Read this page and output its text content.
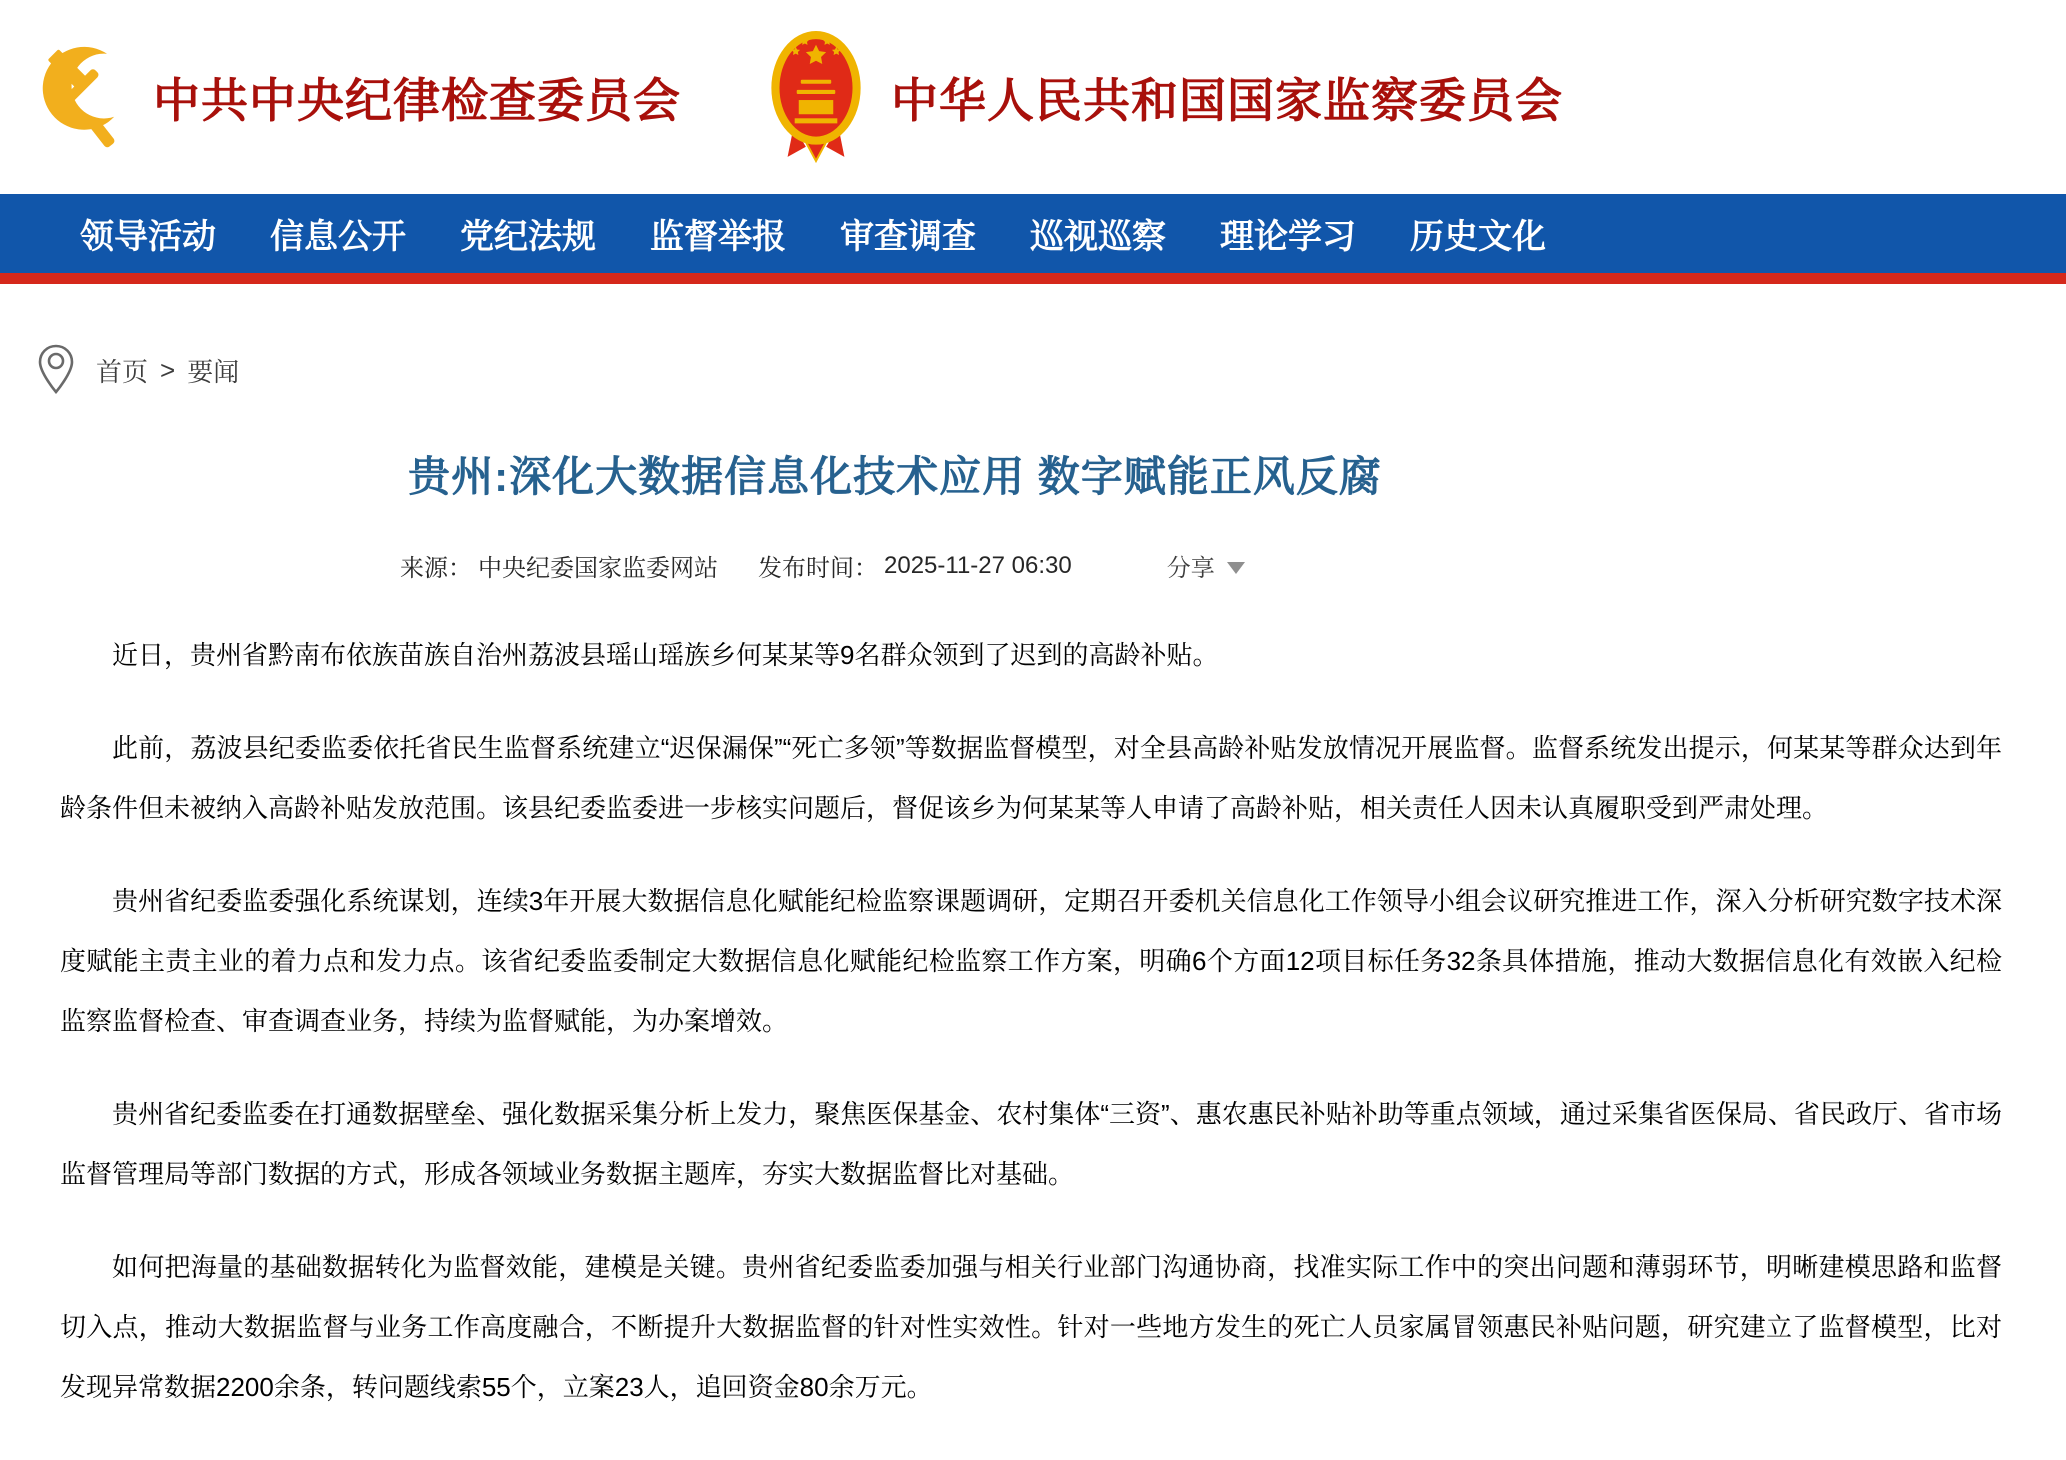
中共中央纪律检查委员会	中华人民共和国国家监察委员会
领导活动 信息公开 党纪法规 监督举报 审查调查 巡视巡察 理论学习 历史文化
首页 > 要闻
贵州:深化大数据信息化技术应用 数字赋能正风反腐
来源： 中央纪委国家监委网站 发布时间： 2025-11-27 06:30	分享

近日，贵州省黔南布依族苗族自治州荔波县瑶山瑶族乡何某某等9名群众领到了迟到的高龄补贴。

此前，荔波县纪委监委依托省民生监督系统建立“迟保漏保”“死亡多领”等数据监督模型，对全县高龄补贴发放情况开展监督。监督系统发出提示，何某某等群众达到年龄条件但未被纳入高龄补贴发放范围。该县纪委监委进一步核实问题后，督促该乡为何某某等人申请了高龄补贴，相关责任人因未认真履职受到严肃处理。

贵州省纪委监委强化系统谋划，连续3年开展大数据信息化赋能纪检监察课题调研，定期召开委机关信息化工作领导小组会议研究推进工作，深入分析研究数字技术深度赋能主责主业的着力点和发力点。该省纪委监委制定大数据信息化赋能纪检监察工作方案，明确6个方面12项目标任务32条具体措施，推动大数据信息化有效嵌入纪检监察监督检查、审查调查业务，持续为监督赋能，为办案增效。

贵州省纪委监委在打通数据壁垒、强化数据采集分析上发力，聚焦医保基金、农村集体“三资”、惠农惠民补贴补助等重点领域，通过采集省医保局、省民政厅、省市场监督管理局等部门数据的方式，形成各领域业务数据主题库，夯实大数据监督比对基础。

如何把海量的基础数据转化为监督效能，建模是关键。贵州省纪委监委加强与相关行业部门沟通协商，找准实际工作中的突出问题和薄弱环节，明晰建模思路和监督切入点，推动大数据监督与业务工作高度融合，不断提升大数据监督的针对性实效性。针对一些地方发生的死亡人员家属冒领惠民补贴问题，研究建立了监督模型，比对发现异常数据2200余条，转问题线索55个，立案23人，追回资金80余万元。
